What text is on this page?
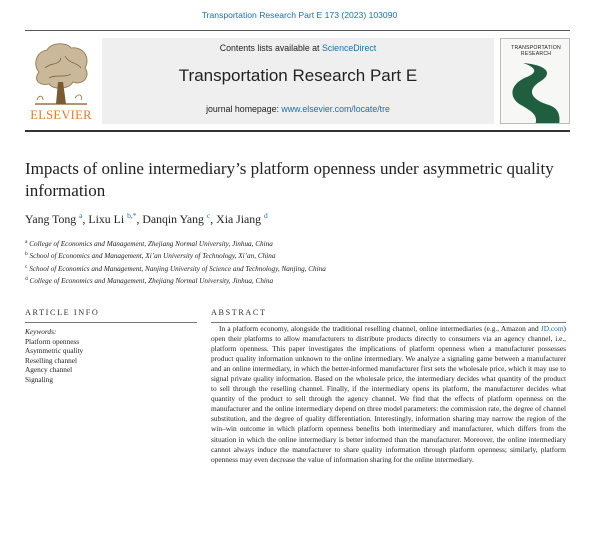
Transportation Research Part E 173 (2023) 103090
ELSEVIER
Contents lists available at ScienceDirect
Transportation Research Part E
journal homepage: www.elsevier.com/locate/tre
TRANSPORTATION
RESEARCH
Impacts of online intermediary’s platform openness under asymmetric quality information
Yang Tong $^a$, Lixu Li $^{b,*}$, Danqin Yang $^c$, Xia Jiang $^d$
$^a$ College of Economics and Management, Zhejiang Normal University, Jinhua, China
$^b$ School of Economics and Management, Xi’an University of Technology, Xi’an, China
$^c$ School of Economics and Management, Nanjing University of Science and Technology, Nanjing, China
$^d$ College of Economics and Management, Zhejiang Normal University, Jinhua, China
ARTICLE INFO
Keywords:
Platform openness
Asymmetric quality
Reselling channel
Agency channel
Signaling
ABSTRACT
In a platform economy, alongside the traditional reselling channel, online intermediaries (e.g., Amazon and JD.com) open their platforms to allow manufacturers to distribute products directly to consumers via an agency channel, i.e., platform openness. This paper investigates the implications of platform openness when a manufacturer possesses product quality information unknown to the online intermediary. We analyze a signaling game between a manufacturer and an online intermediary, in which the better-informed manufacturer first sets the wholesale price, which it may use to signal private quality information. Based on the wholesale price, the intermediary decides what quantity of the product to sell through the reselling channel. Finally, if the intermediary opens its platform, the manufacturer decides what quantity of the product to sell through the agency channel. We find that the effects of platform openness on the manufacturer and the online intermediary depend on three model parameters: the commission rate, the degree of channel substitution, and the degree of quality differentiation. Interestingly, information sharing may narrow the region of the win–win outcome in which platform openness benefits both intermediary and manufacturer, which differs from the situation in which the online intermediary is better informed than the manufacturer. Moreover, the online intermediary cannot always induce the manufacturer to share quality information through platform openness; similarly, platform openness may even decrease the value of information sharing for the online intermediary.
